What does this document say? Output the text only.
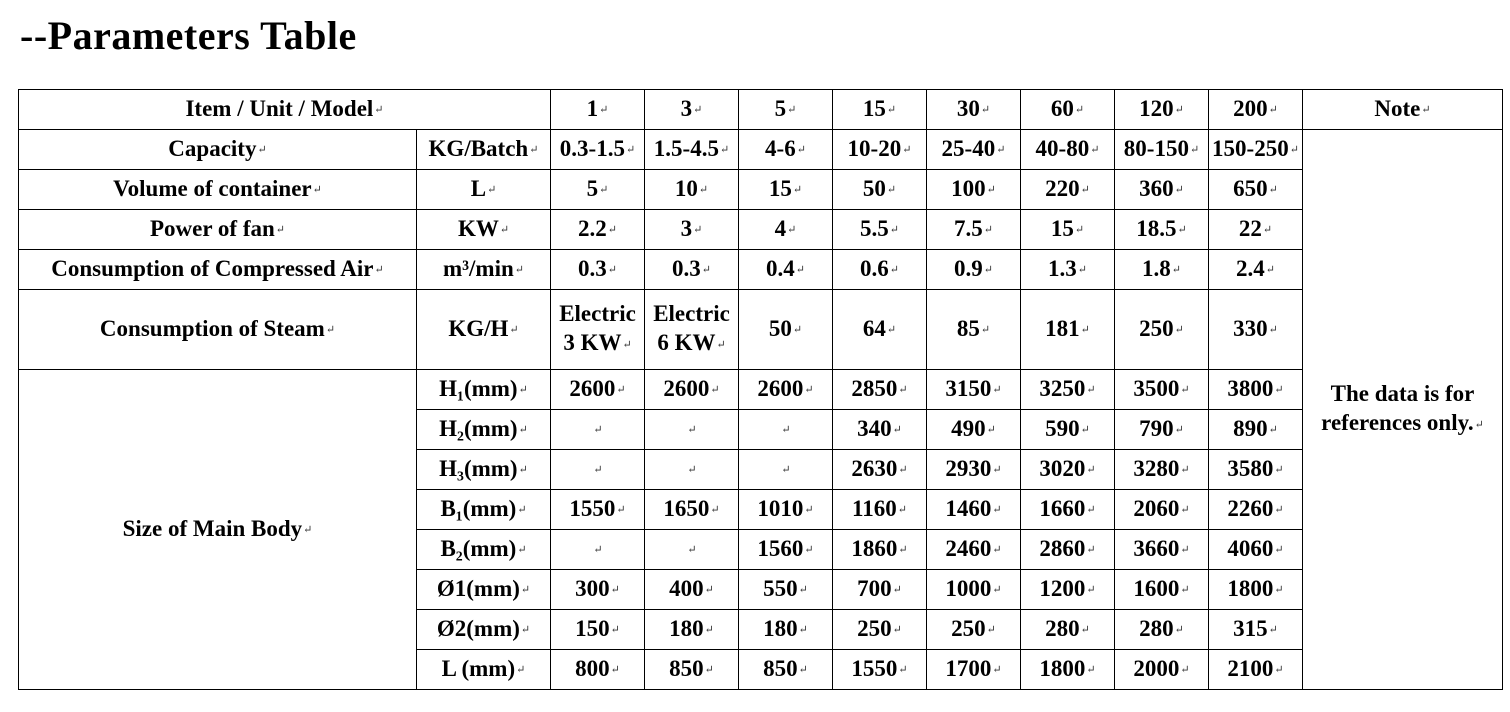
--Parameters Table
Item / Unit / Model↵		1↵	3↵	5↵	15↵	30↵	60↵	120↵	200↵	Note↵
Capacity↵	KG/Batch↵	0.3-1.5↵	1.5-4.5↵	4-6↵	10-20↵	25-40↵	40-80↵	80-150↵	150-250↵	The data is for references only.↵
Volume of container↵	L↵	5↵	10↵	15↵	50↵	100↵	220↵	360↵	650↵	
Power of fan↵	KW↵	2.2↵	3↵	4↵	5.5↵	7.5↵	15↵	18.5↵	22↵	
Consumption of Compressed Air↵	m³/min↵	0.3↵	0.3↵	0.4↵	0.6↵	0.9↵	1.3↵	1.8↵	2.4↵	
Consumption of Steam↵	KG/H↵	Electric 3 KW↵	Electric 6 KW↵	50↵	64↵	85↵	181↵	250↵	330↵	
Size of Main Body↵	H₁(mm)↵	2600↵	2600↵	2600↵	2850↵	3150↵	3250↵	3500↵	3800↵	
	H₂(mm)↵	↵	↵	↵	340↵	490↵	590↵	790↵	890↵	
	H₃(mm)↵	↵	↵	↵	2630↵	2930↵	3020↵	3280↵	3580↵	
	B₁(mm)↵	1550↵	1650↵	1010↵	1160↵	1460↵	1660↵	2060↵	2260↵	
	B₂(mm)↵	↵	↵	1560↵	1860↵	2460↵	2860↵	3660↵	4060↵	
	Ø1(mm)↵	300↵	400↵	550↵	700↵	1000↵	1200↵	1600↵	1800↵	
	Ø2(mm)↵	150↵	180↵	180↵	250↵	250↵	280↵	280↵	315↵	
	L (mm)↵	800↵	850↵	850↵	1550↵	1700↵	1800↵	2000↵	2100↵	
